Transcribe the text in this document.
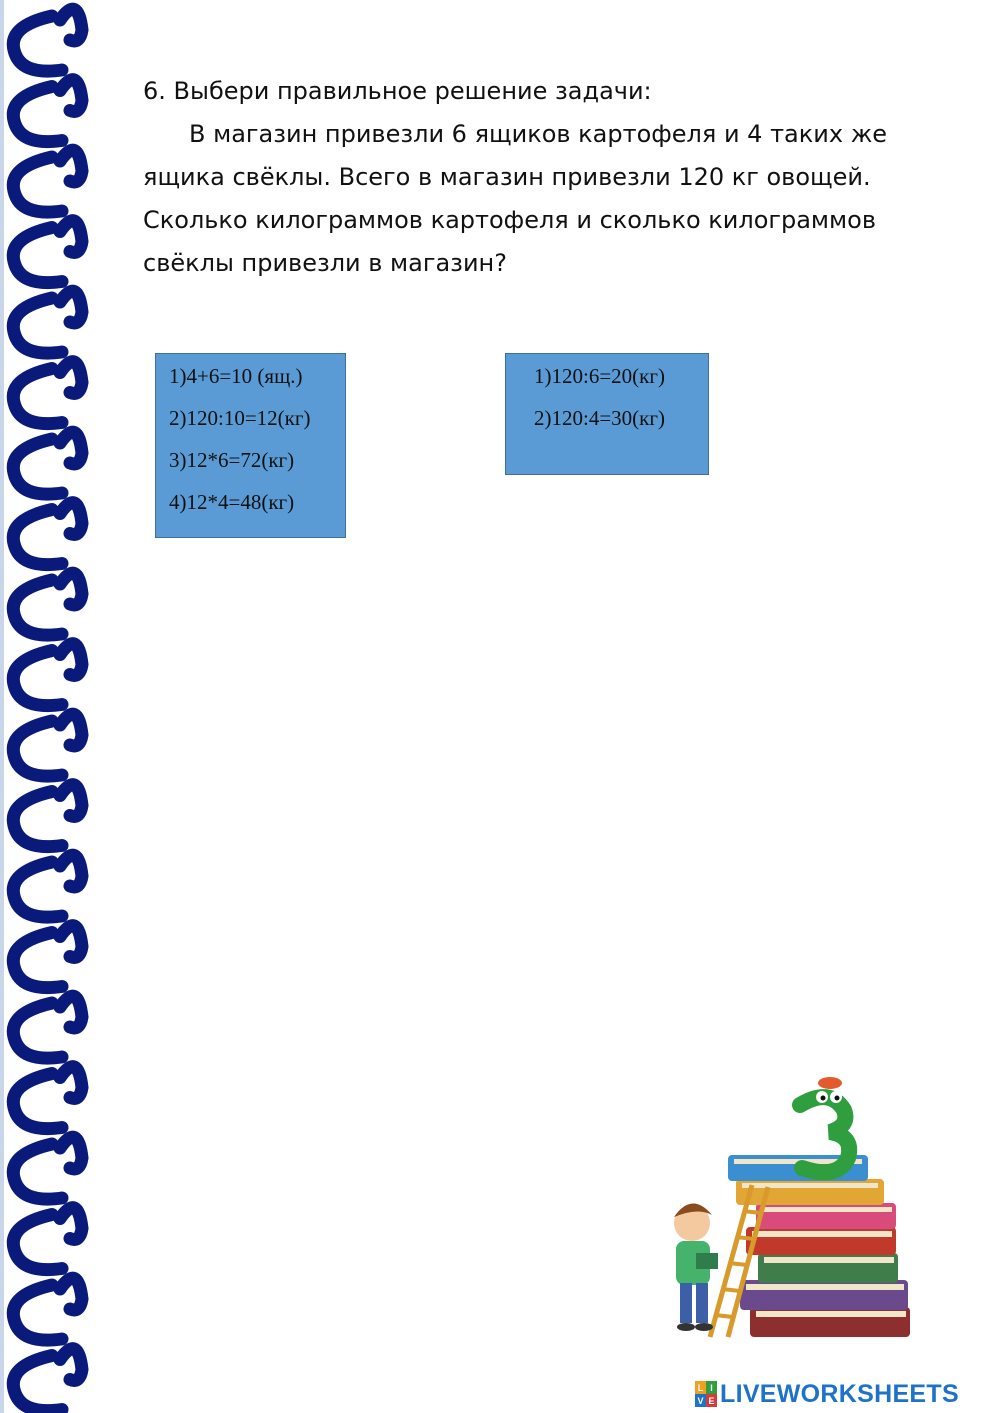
6. Выбери правильное решение задачи:

В магазин привезли 6 ящиков картофеля и 4 таких же

ящика свёклы. Всего в магазин привезли 120 кг овощей.

Сколько килограммов картофеля и сколько килограммов

свёклы привезли в магазин?

1)4+6=10 (ящ.)
2)120:10=12(кг)
3)12*6=72(кг)
4)12*4=48(кг)
1)120:6=20(кг)
2)120:4=30(кг)
L I
V E LIVEWORKSHEETS
